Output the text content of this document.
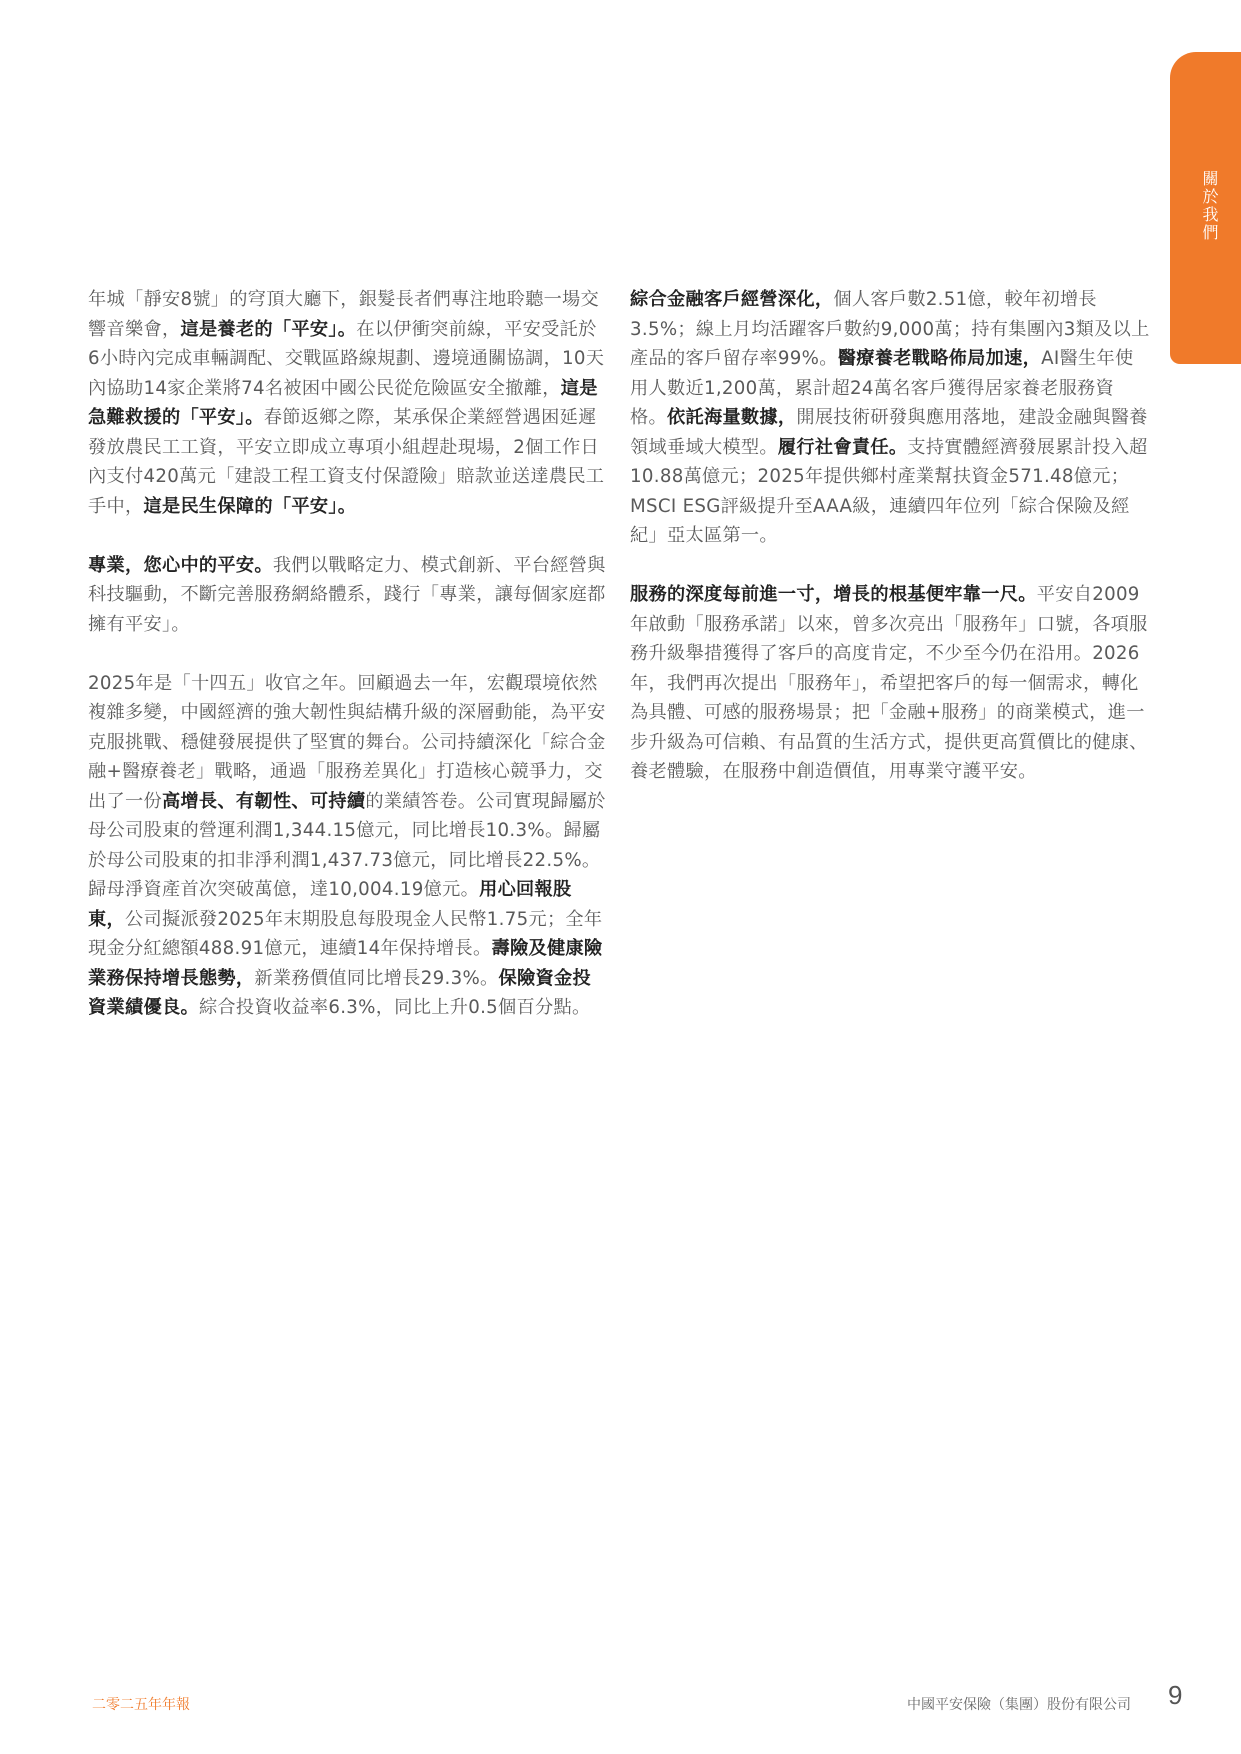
關於我們

年城「靜安8號」的穹頂大廳下，銀髮長者們專注地聆聽一場交響音樂會，這是養老的「平安」。在以伊衝突前線，平安受託於6小時內完成車輛調配、交戰區路線規劃、邊境通關協調，10天內協助14家企業將74名被困中國公民從危險區安全撤離，這是急難救援的「平安」。春節返鄉之際，某承保企業經營遇困延遲發放農民工工資，平安立即成立專項小組趕赴現場，2個工作日內支付420萬元「建設工程工資支付保證險」賠款並送達農民工手中，這是民生保障的「平安」。

專業，您心中的平安。我們以戰略定力、模式創新、平台經營與科技驅動，不斷完善服務網絡體系，踐行「專業，讓每個家庭都擁有平安」。

2025年是「十四五」收官之年。回顧過去一年，宏觀環境依然複雜多變，中國經濟的強大韌性與結構升級的深層動能，為平安克服挑戰、穩健發展提供了堅實的舞台。公司持續深化「綜合金融+醫療養老」戰略，通過「服務差異化」打造核心競爭力，交出了一份高增長、有韌性、可持續的業績答卷。公司實現歸屬於母公司股東的營運利潤1,344.15億元，同比增長10.3%。歸屬於母公司股東的扣非淨利潤1,437.73億元，同比增長22.5%。歸母淨資產首次突破萬億，達10,004.19億元。用心回報股東，公司擬派發2025年末期股息每股現金人民幣1.75元；全年現金分紅總額488.91億元，連續14年保持增長。壽險及健康險業務保持增長態勢，新業務價值同比增長29.3%。保險資金投資業績優良。綜合投資收益率6.3%，同比上升0.5個百分點。

綜合金融客戶經營深化，個人客戶數2.51億，較年初增長3.5%；線上月均活躍客戶數約9,000萬；持有集團內3類及以上產品的客戶留存率99%。醫療養老戰略佈局加速，AI醫生年使用人數近1,200萬，累計超24萬名客戶獲得居家養老服務資格。依託海量數據，開展技術研發與應用落地，建設金融與醫養領域垂域大模型。履行社會責任。支持實體經濟發展累計投入超10.88萬億元；2025年提供鄉村產業幫扶資金571.48億元；MSCI ESG評級提升至AAA級，連續四年位列「綜合保險及經紀」亞太區第一。

服務的深度每前進一寸，增長的根基便牢靠一尺。平安自2009年啟動「服務承諾」以來，曾多次亮出「服務年」口號，各項服務升級舉措獲得了客戶的高度肯定，不少至今仍在沿用。2026年，我們再次提出「服務年」，希望把客戶的每一個需求，轉化為具體、可感的服務場景；把「金融+服務」的商業模式，進一步升級為可信賴、有品質的生活方式，提供更高質價比的健康、養老體驗，在服務中創造價值，用專業守護平安。

二零二五年年報	中國平安保險（集團）股份有限公司 9
